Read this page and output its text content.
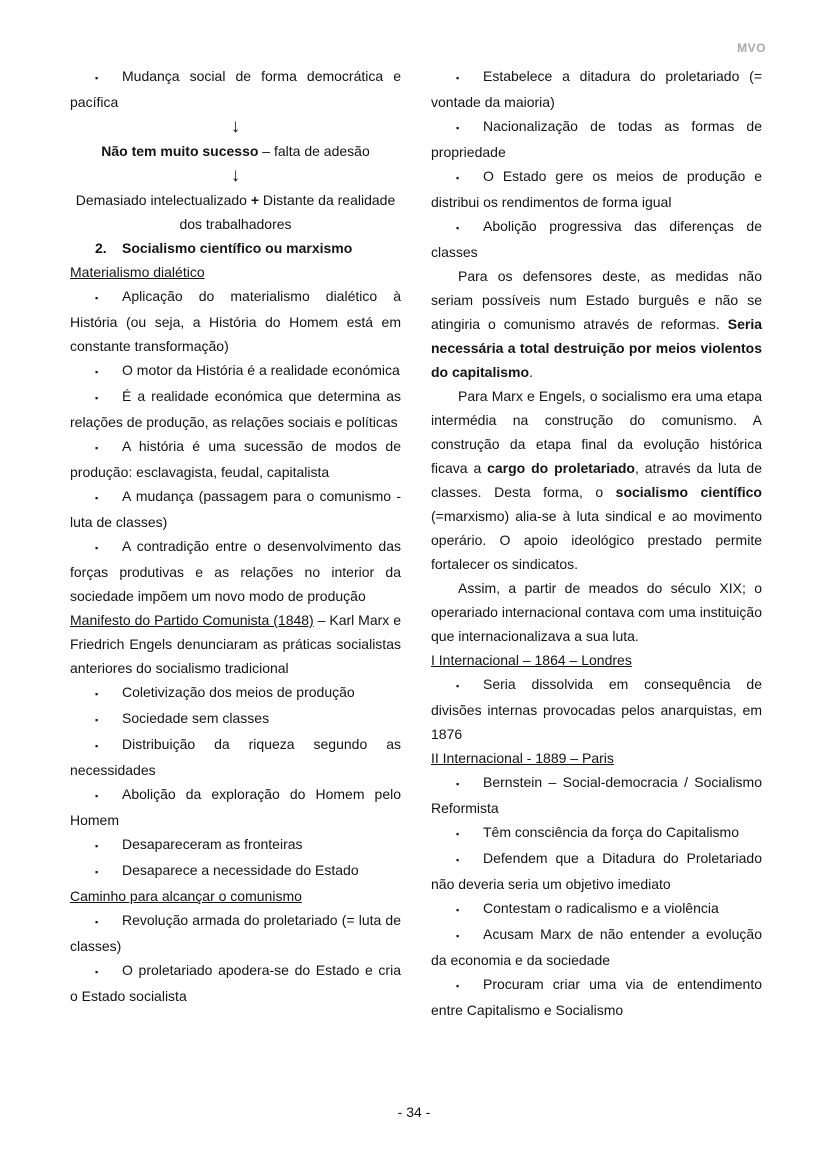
MVO

▪ Mudança social de forma democrática e pacífica

↓

Não tem muito sucesso – falta de adesão

↓

Demasiado intelectualizado + Distante da realidade dos trabalhadores

2. Socialismo científico ou marxismo

Materialismo dialético

▪ Aplicação do materialismo dialético à História (ou seja, a História do Homem está em constante transformação)

▪ O motor da História é a realidade económica

▪ É a realidade económica que determina as relações de produção, as relações sociais e políticas

▪ A história é uma sucessão de modos de produção: esclavagista, feudal, capitalista

▪ A mudança (passagem para o comunismo - luta de classes)

▪ A contradição entre o desenvolvimento das forças produtivas e as relações no interior da sociedade impõem um novo modo de produção

Manifesto do Partido Comunista (1848) – Karl Marx e Friedrich Engels denunciaram as práticas socialistas anteriores do socialismo tradicional

▪ Coletivização dos meios de produção

▪ Sociedade sem classes

▪ Distribuição da riqueza segundo as necessidades

▪ Abolição da exploração do Homem pelo Homem

▪ Desapareceram as fronteiras

▪ Desaparece a necessidade do Estado

Caminho para alcançar o comunismo

▪ Revolução armada do proletariado (= luta de classes)

▪ O proletariado apodera-se do Estado e cria o Estado socialista

▪ Estabelece a ditadura do proletariado (= vontade da maioria)

▪ Nacionalização de todas as formas de propriedade

▪ O Estado gere os meios de produção e distribui os rendimentos de forma igual

▪ Abolição progressiva das diferenças de classes

Para os defensores deste, as medidas não seriam possíveis num Estado burguês e não se atingiria o comunismo através de reformas. Seria necessária a total destruição por meios violentos do capitalismo.

Para Marx e Engels, o socialismo era uma etapa intermédia na construção do comunismo. A construção da etapa final da evolução histórica ficava a cargo do proletariado, através da luta de classes. Desta forma, o socialismo científico (=marxismo) alia-se à luta sindical e ao movimento operário. O apoio ideológico prestado permite fortalecer os sindicatos.

Assim, a partir de meados do século XIX; o operariado internacional contava com uma instituição que internacionalizava a sua luta.

I Internacional – 1864 – Londres

▪ Seria dissolvida em consequência de divisões internas provocadas pelos anarquistas, em 1876

II Internacional - 1889 – Paris

▪ Bernstein – Social-democracia / Socialismo Reformista

▪ Têm consciência da força do Capitalismo

▪ Defendem que a Ditadura do Proletariado não deveria seria um objetivo imediato

▪ Contestam o radicalismo e a violência

▪ Acusam Marx de não entender a evolução da economia e da sociedade

▪ Procuram criar uma via de entendimento entre Capitalismo e Socialismo

- 34 -
